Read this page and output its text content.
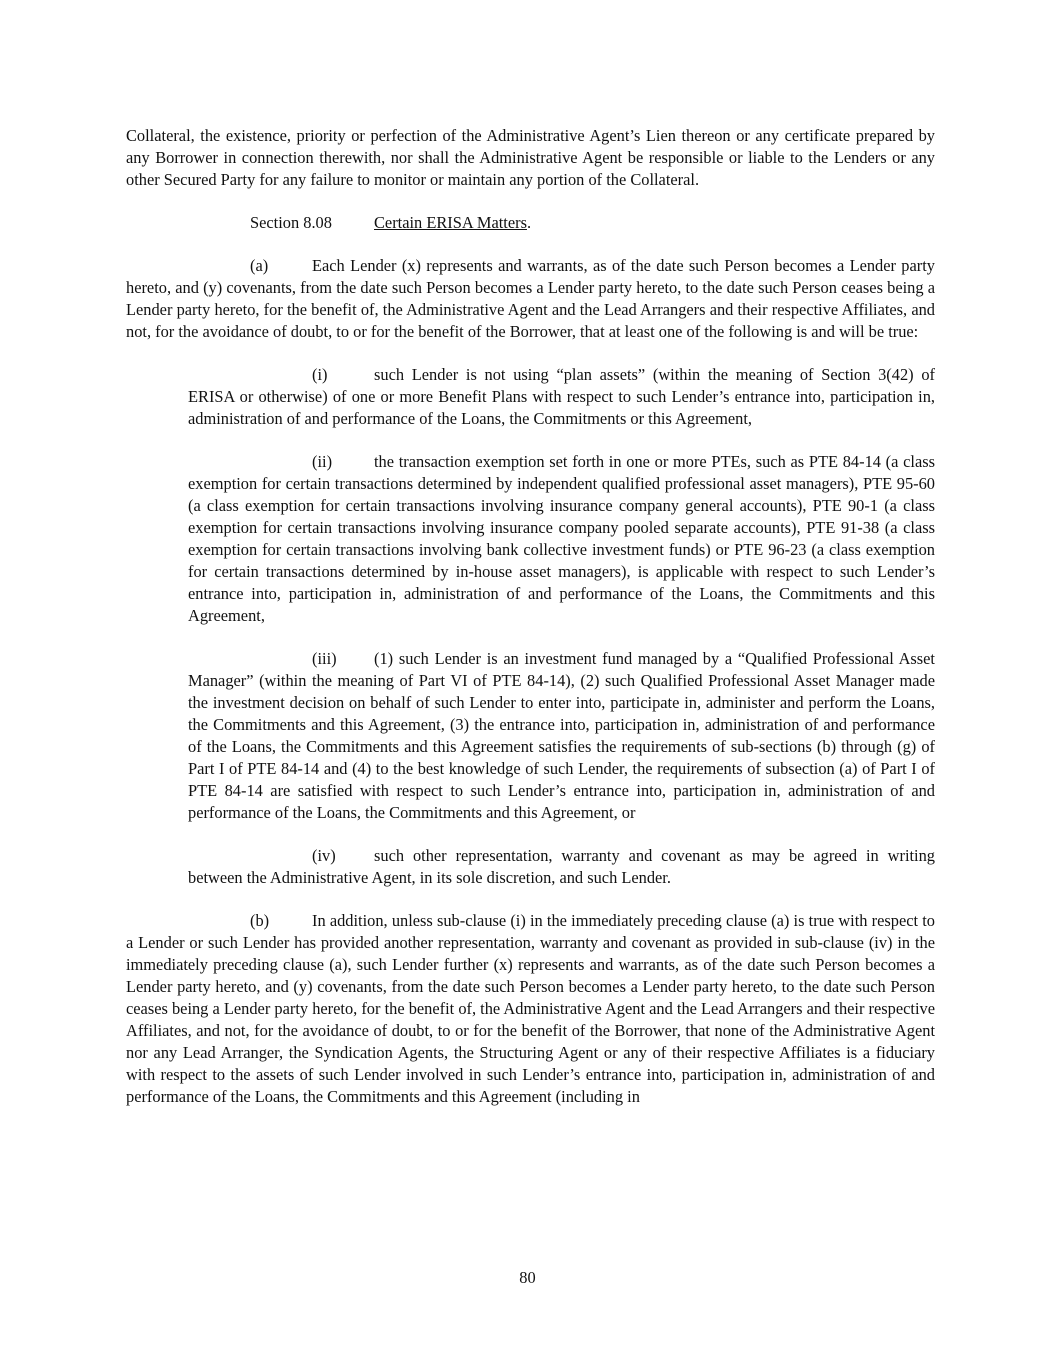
Collateral, the existence, priority or perfection of the Administrative Agent’s Lien thereon or any certificate prepared by any Borrower in connection therewith, nor shall the Administrative Agent be responsible or liable to the Lenders or any other Secured Party for any failure to monitor or maintain any portion of the Collateral.

Section 8.08	Certain ERISA Matters.

(a)	Each Lender (x) represents and warrants, as of the date such Person becomes a Lender party hereto, and (y) covenants, from the date such Person becomes a Lender party hereto, to the date such Person ceases being a Lender party hereto, for the benefit of, the Administrative Agent and the Lead Arrangers and their respective Affiliates, and not, for the avoidance of doubt, to or for the benefit of the Borrower, that at least one of the following is and will be true:

(i)	such Lender is not using “plan assets” (within the meaning of Section 3(42) of ERISA or otherwise) of one or more Benefit Plans with respect to such Lender’s entrance into, participation in, administration of and performance of the Loans, the Commitments or this Agreement,

(ii)	the transaction exemption set forth in one or more PTEs, such as PTE 84-14 (a class exemption for certain transactions determined by independent qualified professional asset managers), PTE 95-60 (a class exemption for certain transactions involving insurance company general accounts), PTE 90-1 (a class exemption for certain transactions involving insurance company pooled separate accounts), PTE 91-38 (a class exemption for certain transactions involving bank collective investment funds) or PTE 96-23 (a class exemption for certain transactions determined by in-house asset managers), is applicable with respect to such Lender’s entrance into, participation in, administration of and performance of the Loans, the Commitments and this Agreement,

(iii) (1) such Lender is an investment fund managed by a “Qualified Professional Asset Manager” (within the meaning of Part VI of PTE 84-14), (2) such Qualified Professional Asset Manager made the investment decision on behalf of such Lender to enter into, participate in, administer and perform the Loans, the Commitments and this Agreement, (3) the entrance into, participation in, administration of and performance of the Loans, the Commitments and this Agreement satisfies the requirements of sub-sections (b) through (g) of Part I of PTE 84-14 and (4) to the best knowledge of such Lender, the requirements of subsection (a) of Part I of PTE 84-14 are satisfied with respect to such Lender’s entrance into, participation in, administration of and performance of the Loans, the Commitments and this Agreement, or

(iv) such other representation, warranty and covenant as may be agreed in writing between the Administrative Agent, in its sole discretion, and such Lender.

(b)	In addition, unless sub-clause (i) in the immediately preceding clause (a) is true with respect to a Lender or such Lender has provided another representation, warranty and covenant as provided in sub-clause (iv) in the immediately preceding clause (a), such Lender further (x) represents and warrants, as of the date such Person becomes a Lender party hereto, and (y) covenants, from the date such Person becomes a Lender party hereto, to the date such Person ceases being a Lender party hereto, for the benefit of, the Administrative Agent and the Lead Arrangers and their respective Affiliates, and not, for the avoidance of doubt, to or for the benefit of the Borrower, that none of the Administrative Agent nor any Lead Arranger, the Syndication Agents, the Structuring Agent or any of their respective Affiliates is a fiduciary with respect to the assets of such Lender involved in such Lender’s entrance into, participation in, administration of and performance of the Loans, the Commitments and this Agreement (including in

80
